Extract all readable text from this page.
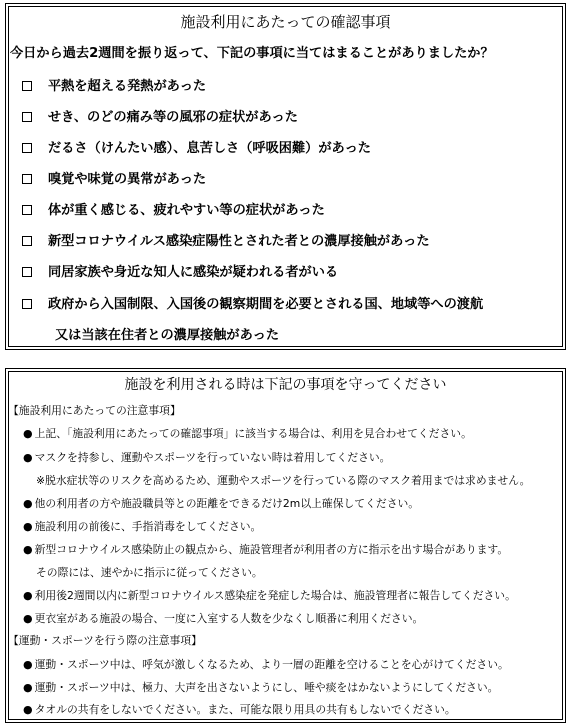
施設利用にあたっての確認事項
今日から過去2週間を振り返って、下記の事項に当てはまることがありましたか？
平熱を超える発熱があった
せき、のどの痛み等の風邪の症状があった
だるさ（けんたい感）、息苦しさ（呼吸困難）があった
嗅覚や味覚の異常があった
体が重く感じる、疲れやすい等の症状があった
新型コロナウイルス感染症陽性とされた者との濃厚接触があった
同居家族や身近な知人に感染が疑われる者がいる
政府から入国制限、入国後の観察期間を必要とされる国、地域等への渡航
又は当該在住者との濃厚接触があった
施設を利用される時は下記の事項を守ってください
【施設利用にあたっての注意事項】
● 上記、「施設利用にあたっての確認事項」に該当する場合は、利用を見合わせてください。
● マスクを持参し、運動やスポーツを行っていない時は着用してください。
※脱水症状等のリスクを高めるため、運動やスポーツを行っている際のマスク着用までは求めません。
● 他の利用者の方や施設職員等との距離をできるだけ2m以上確保してください。
● 施設利用の前後に、手指消毒をしてください。
● 新型コロナウイルス感染防止の観点から、施設管理者が利用者の方に指示を出す場合があります。
その際には、速やかに指示に従ってください。
● 利用後2週間以内に新型コロナウイルス感染症を発症した場合は、施設管理者に報告してください。
● 更衣室がある施設の場合、一度に入室する人数を少なくし順番に利用ください。
【運動・スポーツを行う際の注意事項】
● 運動・スポーツ中は、呼気が激しくなるため、より一層の距離を空けることを心がけてください。
● 運動・スポーツ中は、極力、大声を出さないようにし、唾や痰をはかないようにしてください。
● タオルの共有をしないでください。また、可能な限り用具の共有もしないでください。
